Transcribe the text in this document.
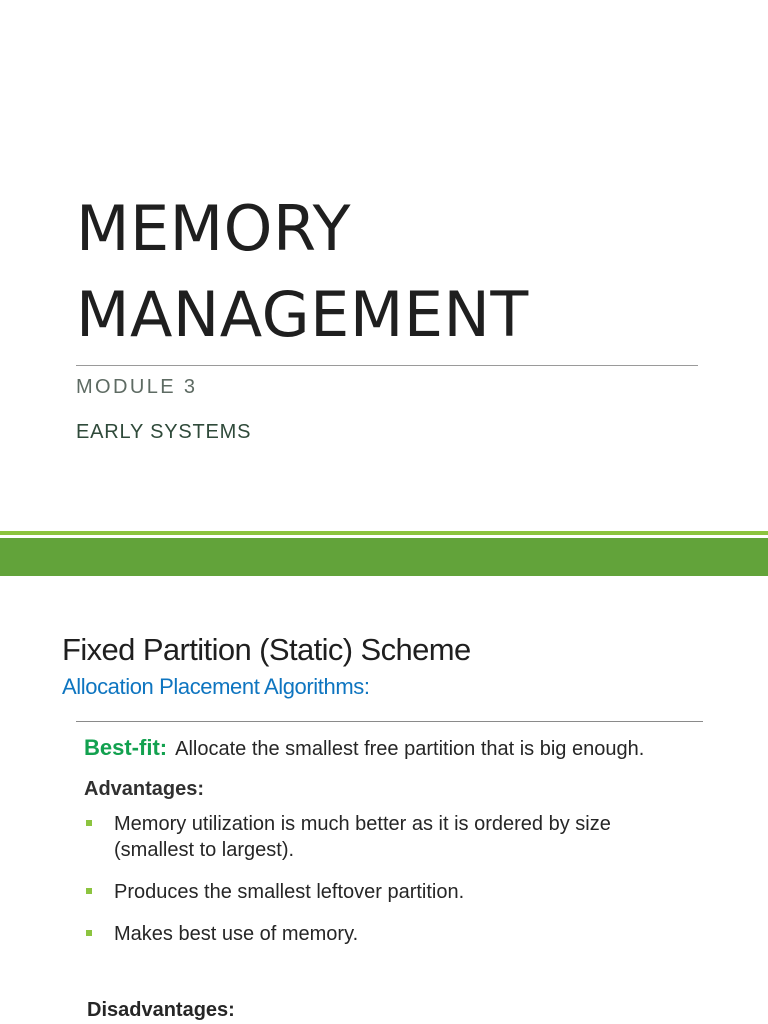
MEMORY
MANAGEMENT
MODULE 3
EARLY SYSTEMS
Fixed Partition (Static) Scheme
Allocation Placement Algorithms:

Best-fit: Allocate the smallest free partition that is big enough.

Advantages:

Memory utilization is much better as it is ordered by size (smallest to largest).
Produces the smallest leftover partition.
Makes best use of memory.
Disadvantages:
